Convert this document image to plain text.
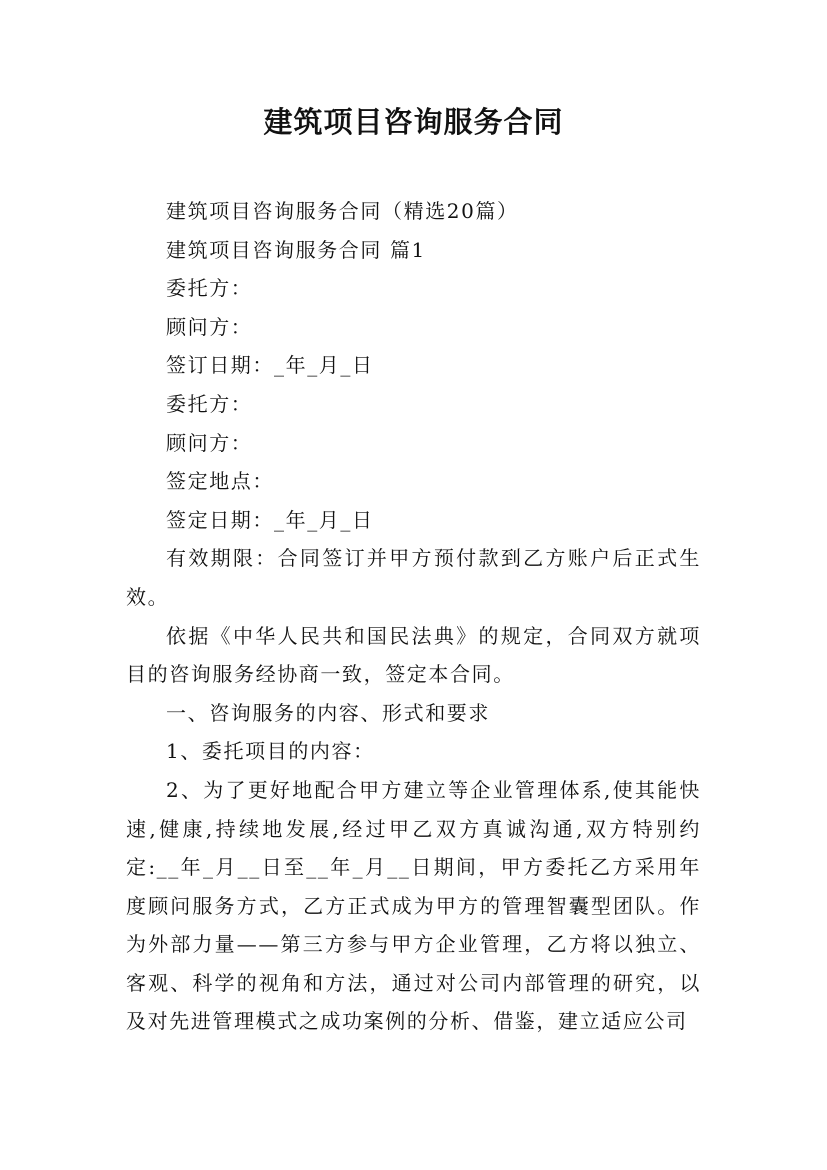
建筑项目咨询服务合同

建筑项目咨询服务合同（精选20篇）

建筑项目咨询服务合同 篇1

委托方：

顾问方：

签订日期：_年_月_日

委托方：

顾问方：

签定地点：

签定日期：_年_月_日

有效期限：合同签订并甲方预付款到乙方账户后正式生效。

依据《中华人民共和国民法典》的规定，合同双方就项目的咨询服务经协商一致，签定本合同。

一、咨询服务的内容、形式和要求

1、委托项目的内容：

2、为了更好地配合甲方建立等企业管理体系,使其能快速,健康,持续地发展,经过甲乙双方真诚沟通,双方特别约定:__年_月__日至__年_月__日期间，甲方委托乙方采用年度顾问服务方式，乙方正式成为甲方的管理智囊型团队。作为外部力量——第三方参与甲方企业管理，乙方将以独立、客观、科学的视角和方法，通过对公司内部管理的研究，以及对先进管理模式之成功案例的分析、借鉴，建立适应公司
